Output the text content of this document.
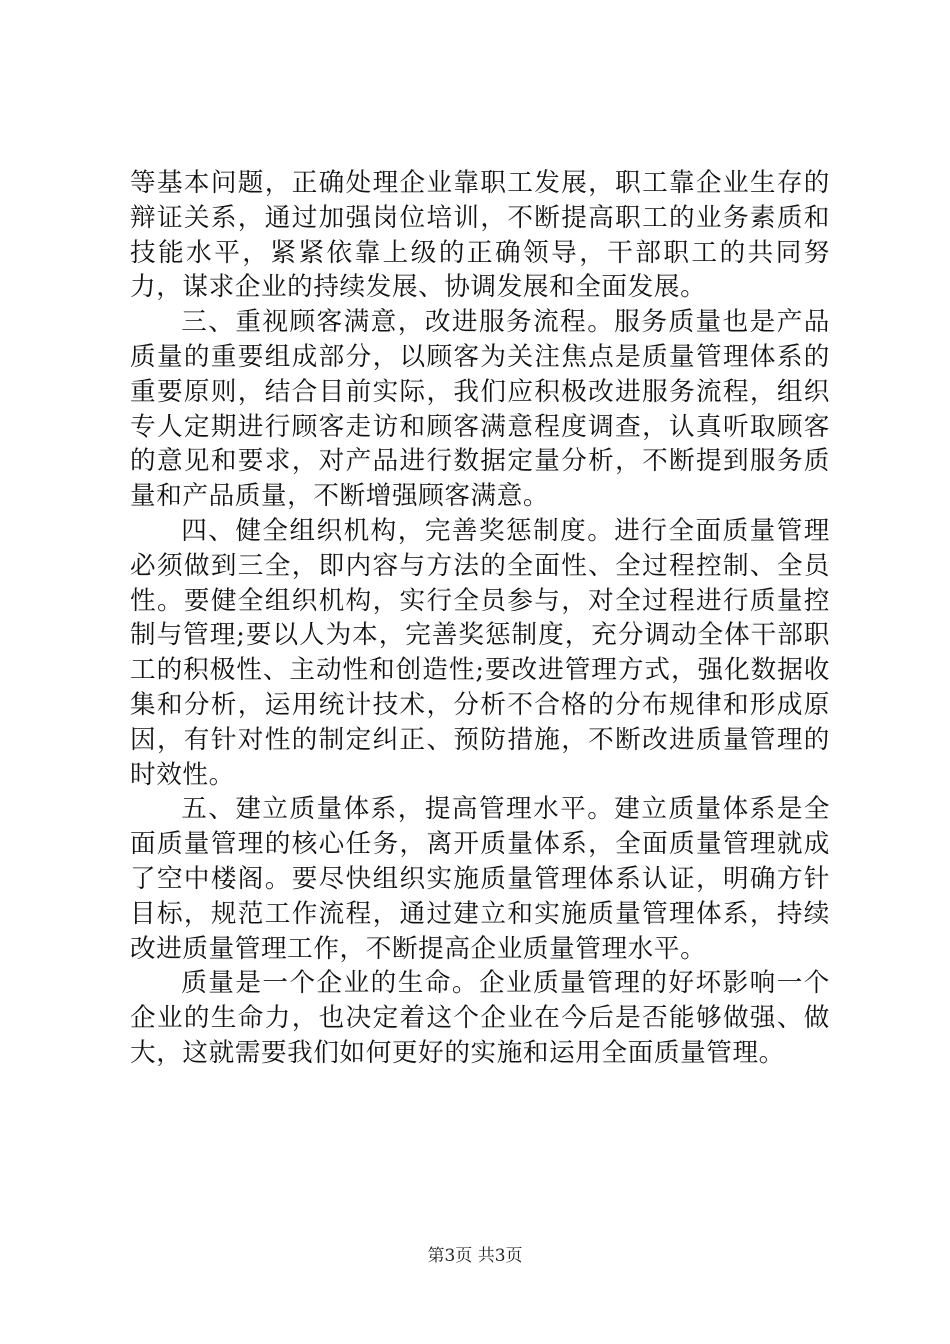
等基本问题，正确处理企业靠职工发展，职工靠企业生存的辩证关系，通过加强岗位培训，不断提高职工的业务素质和技能水平，紧紧依靠上级的正确领导，干部职工的共同努力，谋求企业的持续发展、协调发展和全面发展。

三、重视顾客满意，改进服务流程。服务质量也是产品质量的重要组成部分，以顾客为关注焦点是质量管理体系的重要原则，结合目前实际，我们应积极改进服务流程，组织专人定期进行顾客走访和顾客满意程度调查，认真听取顾客的意见和要求，对产品进行数据定量分析，不断提到服务质量和产品质量，不断增强顾客满意。

四、健全组织机构，完善奖惩制度。进行全面质量管理必须做到三全，即内容与方法的全面性、全过程控制、全员性。要健全组织机构，实行全员参与，对全过程进行质量控制与管理;要以人为本，完善奖惩制度，充分调动全体干部职工的积极性、主动性和创造性;要改进管理方式，强化数据收集和分析，运用统计技术，分析不合格的分布规律和形成原因，有针对性的制定纠正、预防措施，不断改进质量管理的时效性。

五、建立质量体系，提高管理水平。建立质量体系是全面质量管理的核心任务，离开质量体系，全面质量管理就成了空中楼阁。要尽快组织实施质量管理体系认证，明确方针目标，规范工作流程，通过建立和实施质量管理体系，持续改进质量管理工作，不断提高企业质量管理水平。

质量是一个企业的生命。企业质量管理的好坏影响一个企业的生命力，也决定着这个企业在今后是否能够做强、做大，这就需要我们如何更好的实施和运用全面质量管理。

第3页 共3页
